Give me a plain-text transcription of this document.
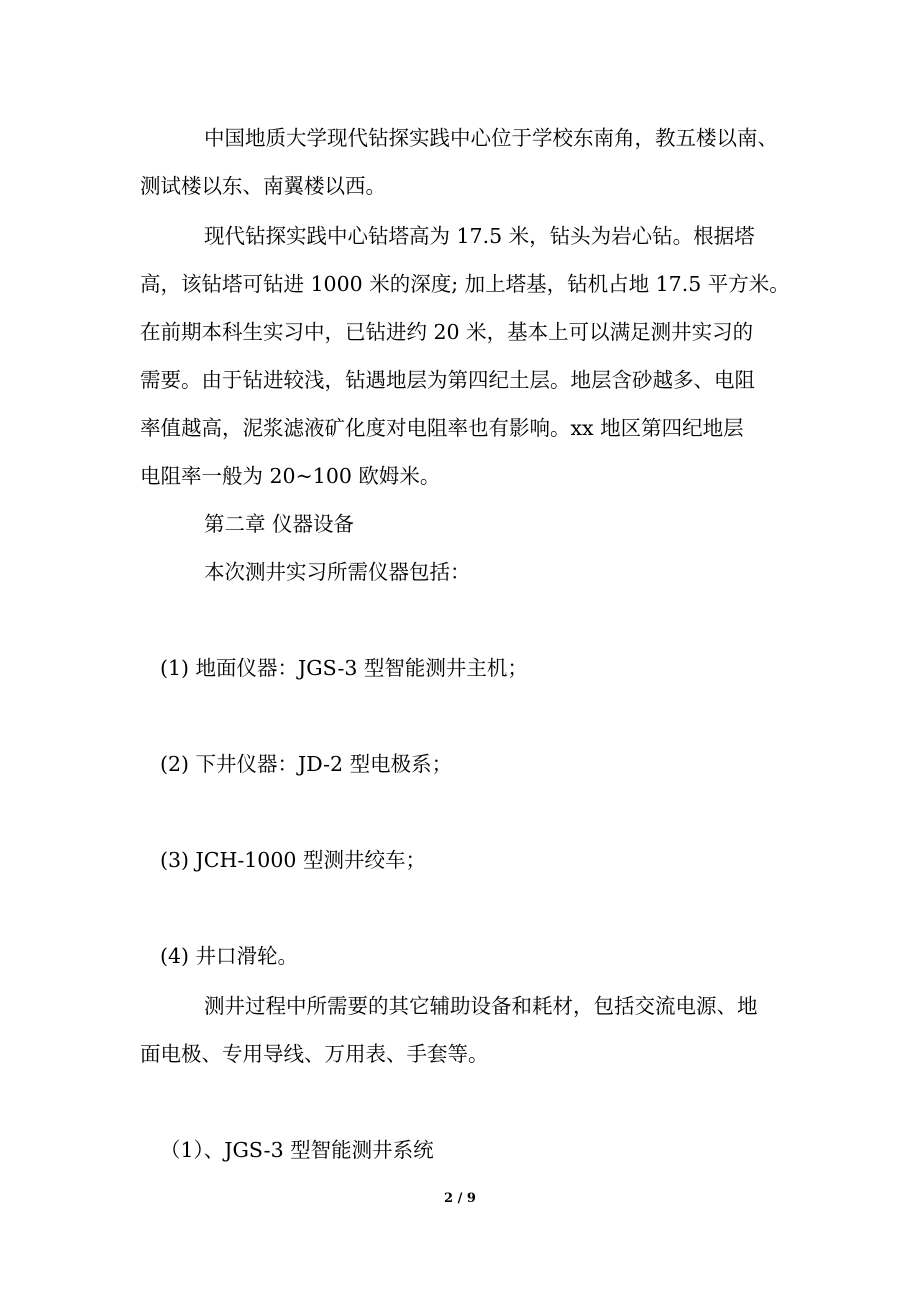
中国地质大学现代钻探实践中心位于学校东南角，教五楼以南、
测试楼以东、南翼楼以西。
现代钻探实践中心钻塔高为 17.5 米，钻头为岩心钻。根据塔
高，该钻塔可钻进 1000 米的深度; 加上塔基，钻机占地 17.5 平方米。
在前期本科生实习中，已钻进约 20 米，基本上可以满足测井实习的
需要。由于钻进较浅，钻遇地层为第四纪土层。地层含砂越多、电阻
率值越高，泥浆滤液矿化度对电阻率也有影响。xx 地区第四纪地层
电阻率一般为 20~100 欧姆米。
第二章 仪器设备
本次测井实习所需仪器包括：
(1) 地面仪器：JGS-3 型智能测井主机；
(2) 下井仪器：JD-2 型电极系；
(3) JCH-1000 型测井绞车；
(4) 井口滑轮。
测井过程中所需要的其它辅助设备和耗材，包括交流电源、地
面电极、专用导线、万用表、手套等。
（1）、JGS-3 型智能测井系统
2 / 9
